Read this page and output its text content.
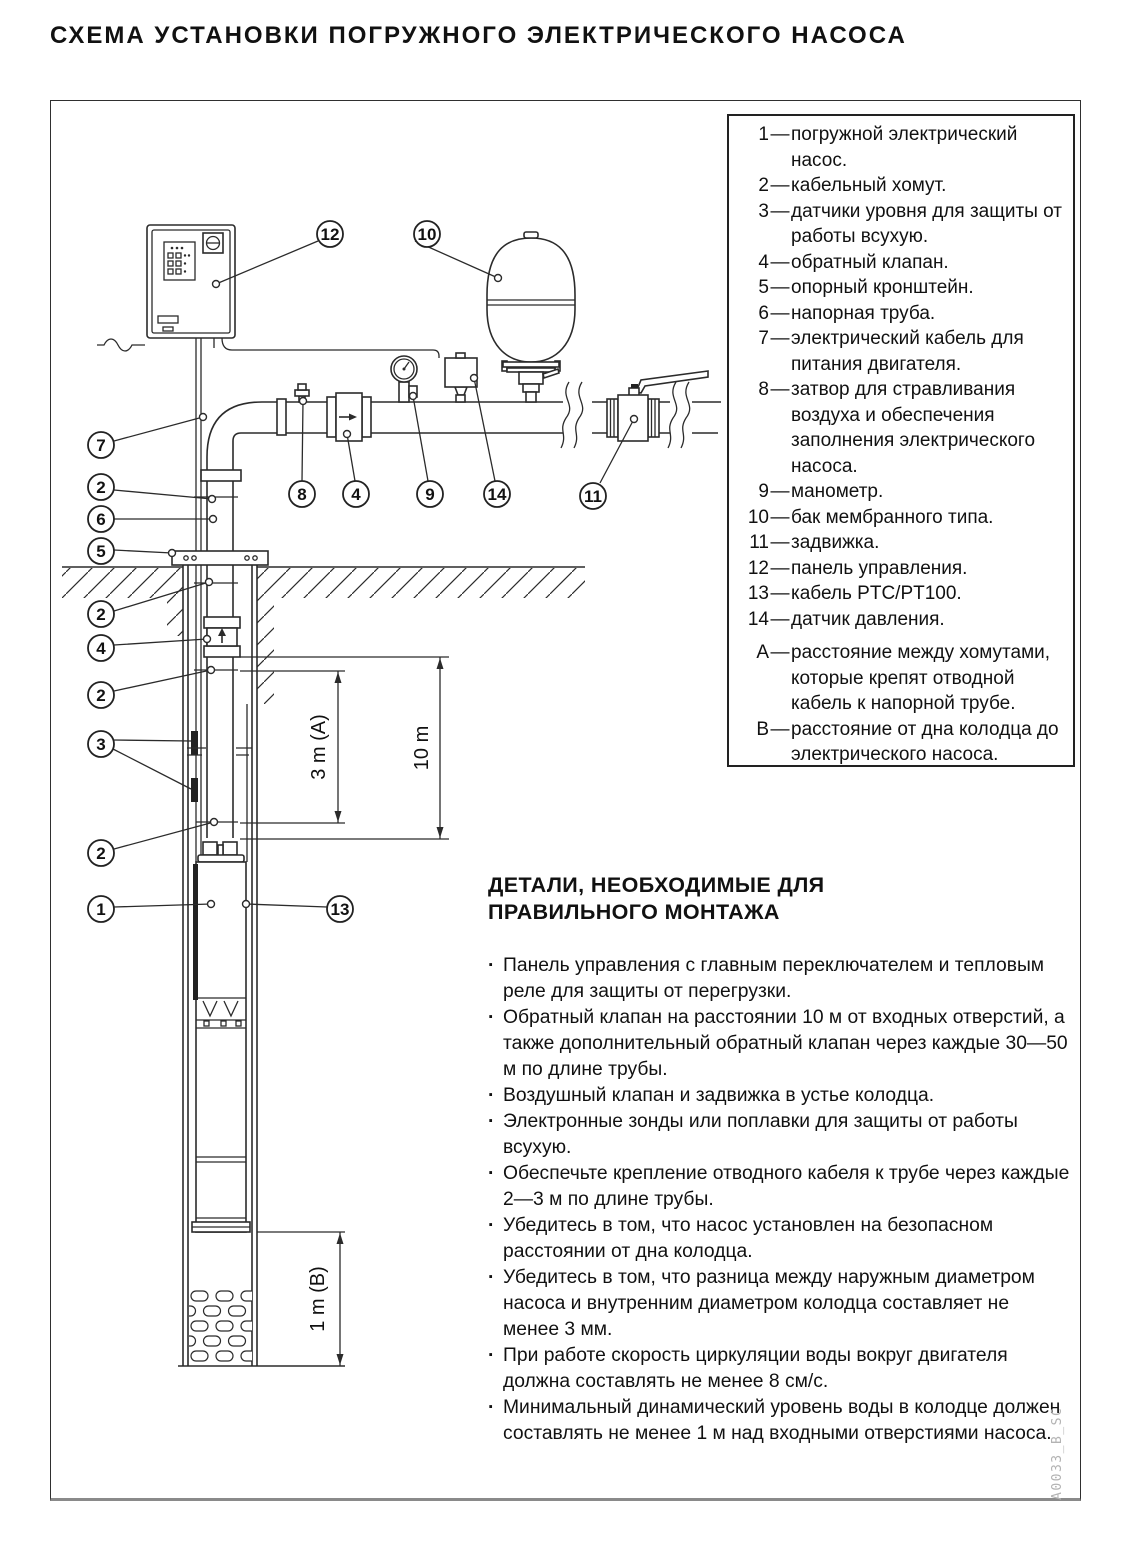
СХЕМА УСТАНОВКИ ПОГРУЖНОГО ЭЛЕКТРИЧЕСКОГО НАСОСА
3 m (A)	10 m
1 m (B)
12	10
7
2
6
5
2
4
2
3
2
1
8	4	9	14	11
13
1 — погружной электрический насос.
2 — кабельный хомут.
3 — датчики уровня для защиты от работы всухую.
4 — обратный клапан.
5 — опорный кронштейн.
6 — напорная труба.
7 — электрический кабель для питания двигателя.
8 — затвор для стравливания воздуха и обеспечения заполнения электрического насоса.
9 — манометр.
10 — бак мембранного типа.
11 — задвижка.
12 — панель управления.
13 — кабель PTC/PT100.
14 — датчик давления.
A — расстояние между хомутами, которые крепят отводной кабель к напорной трубе.
B — расстояние от дна колодца до электрического насоса.
ДЕТАЛИ, НЕОБХОДИМЫЕ ДЛЯ ПРАВИЛЬНОГО МОНТАЖА
· Панель управления с главным переключателем и тепловым реле для защиты от перегрузки.
· Обратный клапан на расстоянии 10 м от входных отверстий, а также дополнительный обратный клапан через каждые 30—50 м по длине трубы.
· Воздушный клапан и задвижка в устье колодца.
· Электронные зонды или поплавки для защиты от работы всухую.
· Обеспечьте крепление отводного кабеля к трубе через каждые 2—3 м по длине трубы.
· Убедитесь в том, что насос установлен на безопасном расстоянии от дна колодца.
· Убедитесь в том, что разница между наружным диаметром насоса и внутренним диаметром колодца составляет не менее 3 мм.
· При работе скорость циркуляции воды вокруг двигателя должна составлять не менее 8 см/с.
· Минимальный динамический уровень воды в колодце должен составлять не менее 1 м над входными отверстиями насоса.
A0033_B_SC
